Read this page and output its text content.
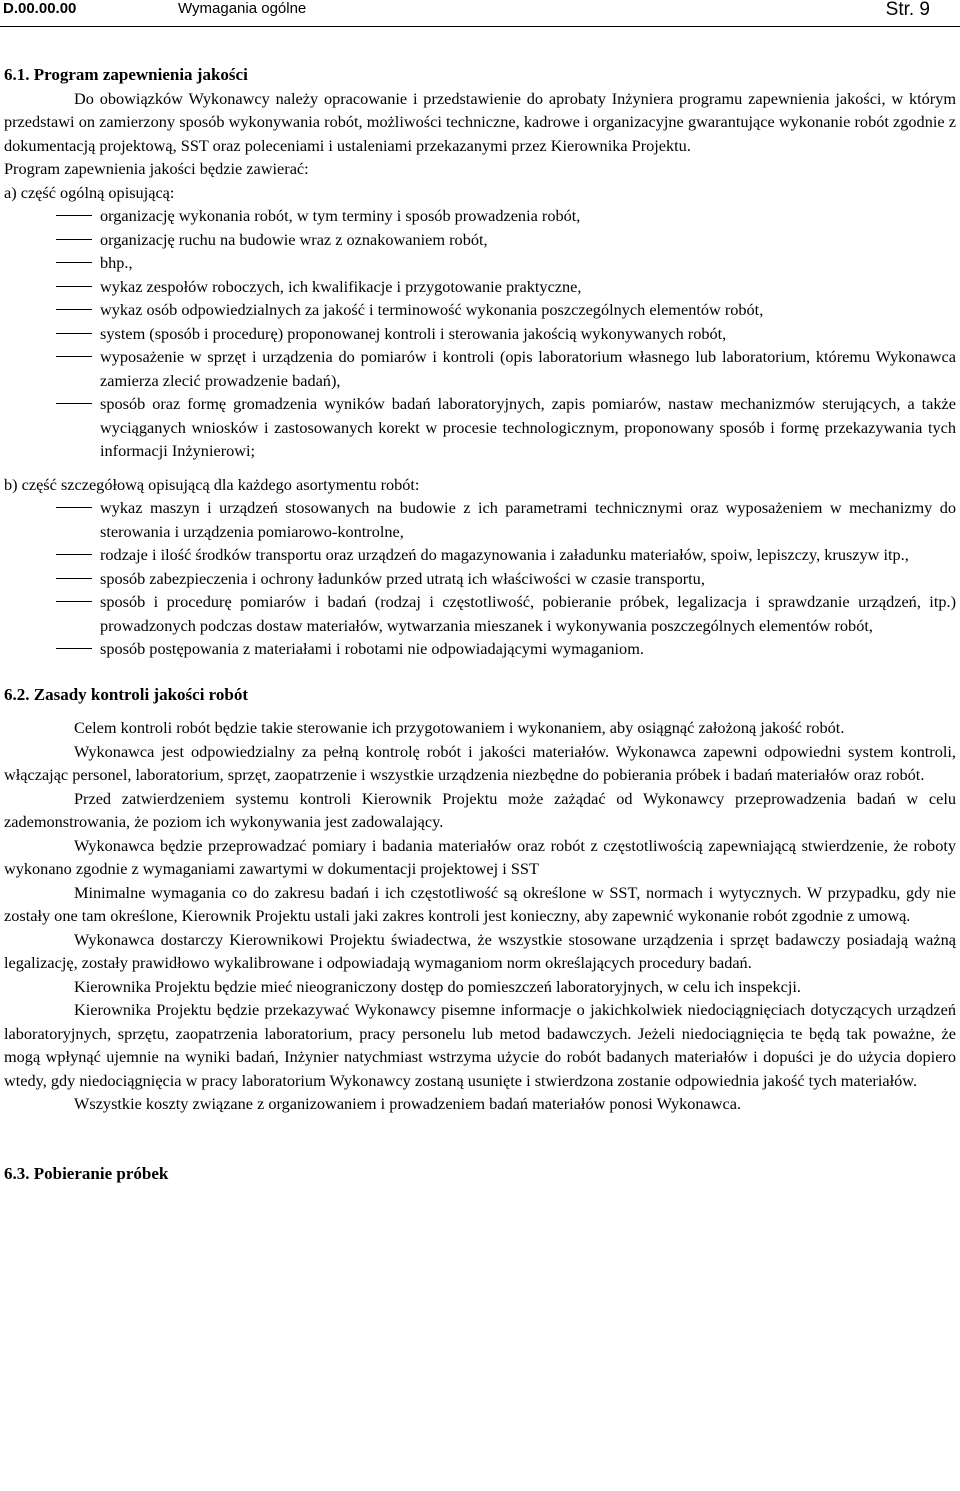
D.00.00.00	Wymagania ogólne	Str. 9

6.1. Program zapewnienia jakości

Do obowiązków Wykonawcy należy opracowanie i przedstawienie do aprobaty Inżyniera programu zapewnienia jakości, w którym przedstawi on zamierzony sposób wykonywania robót, możliwości techniczne, kadrowe i organizacyjne gwarantujące wykonanie robót zgodnie z dokumentacją projektową, SST oraz poleceniami i ustaleniami przekazanymi przez Kierownika Projektu.

Program zapewnienia jakości będzie zawierać:

a) część ogólną opisującą:

organizację wykonania robót, w tym terminy i sposób prowadzenia robót,
organizację ruchu na budowie wraz z oznakowaniem robót,
bhp.,
wykaz zespołów roboczych, ich kwalifikacje i przygotowanie praktyczne,
wykaz osób odpowiedzialnych za jakość i terminowość wykonania poszczególnych elementów robót,
system (sposób i procedurę) proponowanej kontroli i sterowania jakością wykonywanych robót,
wyposażenie w sprzęt i urządzenia do pomiarów i kontroli (opis laboratorium własnego lub laboratorium, któremu Wykonawca zamierza zlecić prowadzenie badań),
sposób oraz formę gromadzenia wyników badań laboratoryjnych, zapis pomiarów, nastaw mechanizmów sterujących, a także wyciąganych wniosków i zastosowanych korekt w procesie technologicznym, proponowany sposób i formę przekazywania tych informacji Inżynierowi;

b) część szczegółową opisującą dla każdego asortymentu robót:

wykaz maszyn i urządzeń stosowanych na budowie z ich parametrami technicznymi oraz wyposażeniem w mechanizmy do sterowania i urządzenia pomiarowo-kontrolne,
rodzaje i ilość środków transportu oraz urządzeń do magazynowania i załadunku materiałów, spoiw, lepiszczy, kruszyw itp.,
sposób zabezpieczenia i ochrony ładunków przed utratą ich właściwości w czasie transportu,
sposób i procedurę pomiarów i badań (rodzaj i częstotliwość, pobieranie próbek, legalizacja i sprawdzanie urządzeń, itp.) prowadzonych podczas dostaw materiałów, wytwarzania mieszanek i wykonywania poszczególnych elementów robót,
sposób postępowania z materiałami i robotami nie odpowiadającymi wymaganiom.

6.2. Zasady kontroli jakości robót

Celem kontroli robót będzie takie sterowanie ich przygotowaniem i wykonaniem, aby osiągnąć założoną jakość robót.

Wykonawca jest odpowiedzialny za pełną kontrolę robót i jakości materiałów. Wykonawca zapewni odpowiedni system kontroli, włączając personel, laboratorium, sprzęt, zaopatrzenie i wszystkie urządzenia niezbędne do pobierania próbek i badań materiałów oraz robót.

Przed zatwierdzeniem systemu kontroli Kierownik Projektu może zażądać od Wykonawcy przeprowadzenia badań w celu zademonstrowania, że poziom ich wykonywania jest zadowalający.

Wykonawca będzie przeprowadzać pomiary i badania materiałów oraz robót z częstotliwością zapewniającą stwierdzenie, że roboty wykonano zgodnie z wymaganiami zawartymi w dokumentacji projektowej i SST

Minimalne wymagania co do zakresu badań i ich częstotliwość są określone w SST, normach i wytycznych. W przypadku, gdy nie zostały one tam określone, Kierownik Projektu ustali jaki zakres kontroli jest konieczny, aby zapewnić wykonanie robót zgodnie z umową.

Wykonawca dostarczy Kierownikowi Projektu świadectwa, że wszystkie stosowane urządzenia i sprzęt badawczy posiadają ważną legalizację, zostały prawidłowo wykalibrowane i odpowiadają wymaganiom norm określających procedury badań.

Kierownika Projektu będzie mieć nieograniczony dostęp do pomieszczeń laboratoryjnych, w celu ich inspekcji.

Kierownika Projektu będzie przekazywać Wykonawcy pisemne informacje o jakichkolwiek niedociągnięciach dotyczących urządzeń laboratoryjnych, sprzętu, zaopatrzenia laboratorium, pracy personelu lub metod badawczych. Jeżeli niedociągnięcia te będą tak poważne, że mogą wpłynąć ujemnie na wyniki badań, Inżynier natychmiast wstrzyma użycie do robót badanych materiałów i dopuści je do użycia dopiero wtedy, gdy niedociągnięcia w pracy laboratorium Wykonawcy zostaną usunięte i stwierdzona zostanie odpowiednia jakość tych materiałów.

Wszystkie koszty związane z organizowaniem i prowadzeniem badań materiałów ponosi Wykonawca.

6.3. Pobieranie próbek
